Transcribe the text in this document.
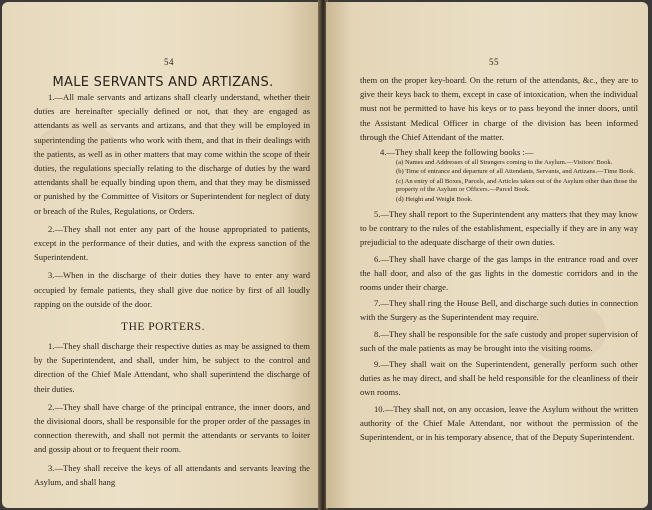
54
MALE SERVANTS AND ARTIZANS.

1.—All male servants and artizans shall clearly understand, whether their duties are hereinafter specially defined or not, that they are engaged as attendants as well as servants and artizans, and that they will be employed in superintending the patients who work with them, and that in their dealings with the patients, as well as in other matters that may come within the scope of their duties, the regulations specially relating to the discharge of duties by the ward attendants shall be equally binding upon them, and that they may be dismissed or punished by the Committee of Visitors or Superintendent for neglect of duty or breach of the Rules, Regulations, or Orders.

2.—They shall not enter any part of the house appropriated to patients, except in the performance of their duties, and with the express sanction of the Superintendent.

3.—When in the discharge of their duties they have to enter any ward occupied by female patients, they shall give due notice by first of all loudly rapping on the outside of the door.

THE PORTERS.

1.—They shall discharge their respective duties as may be assigned to them by the Superintendent, and shall, under him, be subject to the control and direction of the Chief Male Attendant, who shall superintend the discharge of their duties.

2.—They shall have charge of the principal entrance, the inner doors, and the divisional doors, shall be responsible for the proper order of the passages in connection therewith, and shall not permit the attendants or servants to loiter and gossip about or to frequent their room.

3.—They shall receive the keys of all attendants and servants leaving the Asylum, and shall hang

55

them on the proper key-board. On the return of the attendants, &c., they are to give their keys back to them, except in case of intoxication, when the individual must not be permitted to have his keys or to pass beyond the inner doors, until the Assistant Medical Officer in charge of the division has been informed through the Chief Attendant of the matter.

4.—They shall keep the following books :—
(a) Names and Addresses of all Strangers coming to the Asylum.—Visitors' Book.
(b) Time of entrance and departure of all Attendants, Servants, and Artizans.—Time Book.
(c) An entry of all Boxes, Parcels, and Articles taken out of the Asylum other than those the property of the Asylum or Officers.—Parcel Book.
(d) Height and Weight Book.

5.—They shall report to the Superintendent any matters that they may know to be contrary to the rules of the establishment, especially if they are in any way prejudicial to the adequate discharge of their own duties.

6.—They shall have charge of the gas lamps in the entrance road and over the hall door, and also of the gas lights in the domestic corridors and in the rooms under their charge.

7.—They shall ring the House Bell, and discharge such duties in connection with the Surgery as the Superintendent may require.

8.—They shall be responsible for the safe custody and proper supervision of such of the male patients as may be brought into the visiting rooms.

9.—They shall wait on the Superintendent, generally perform such other duties as he may direct, and shall be held responsible for the cleanliness of their own rooms.

10.—They shall not, on any occasion, leave the Asylum without the written authority of the Chief Male Attendant, nor without the permission of the Superintendent, or in his temporary absence, that of the Deputy Superintendent.
